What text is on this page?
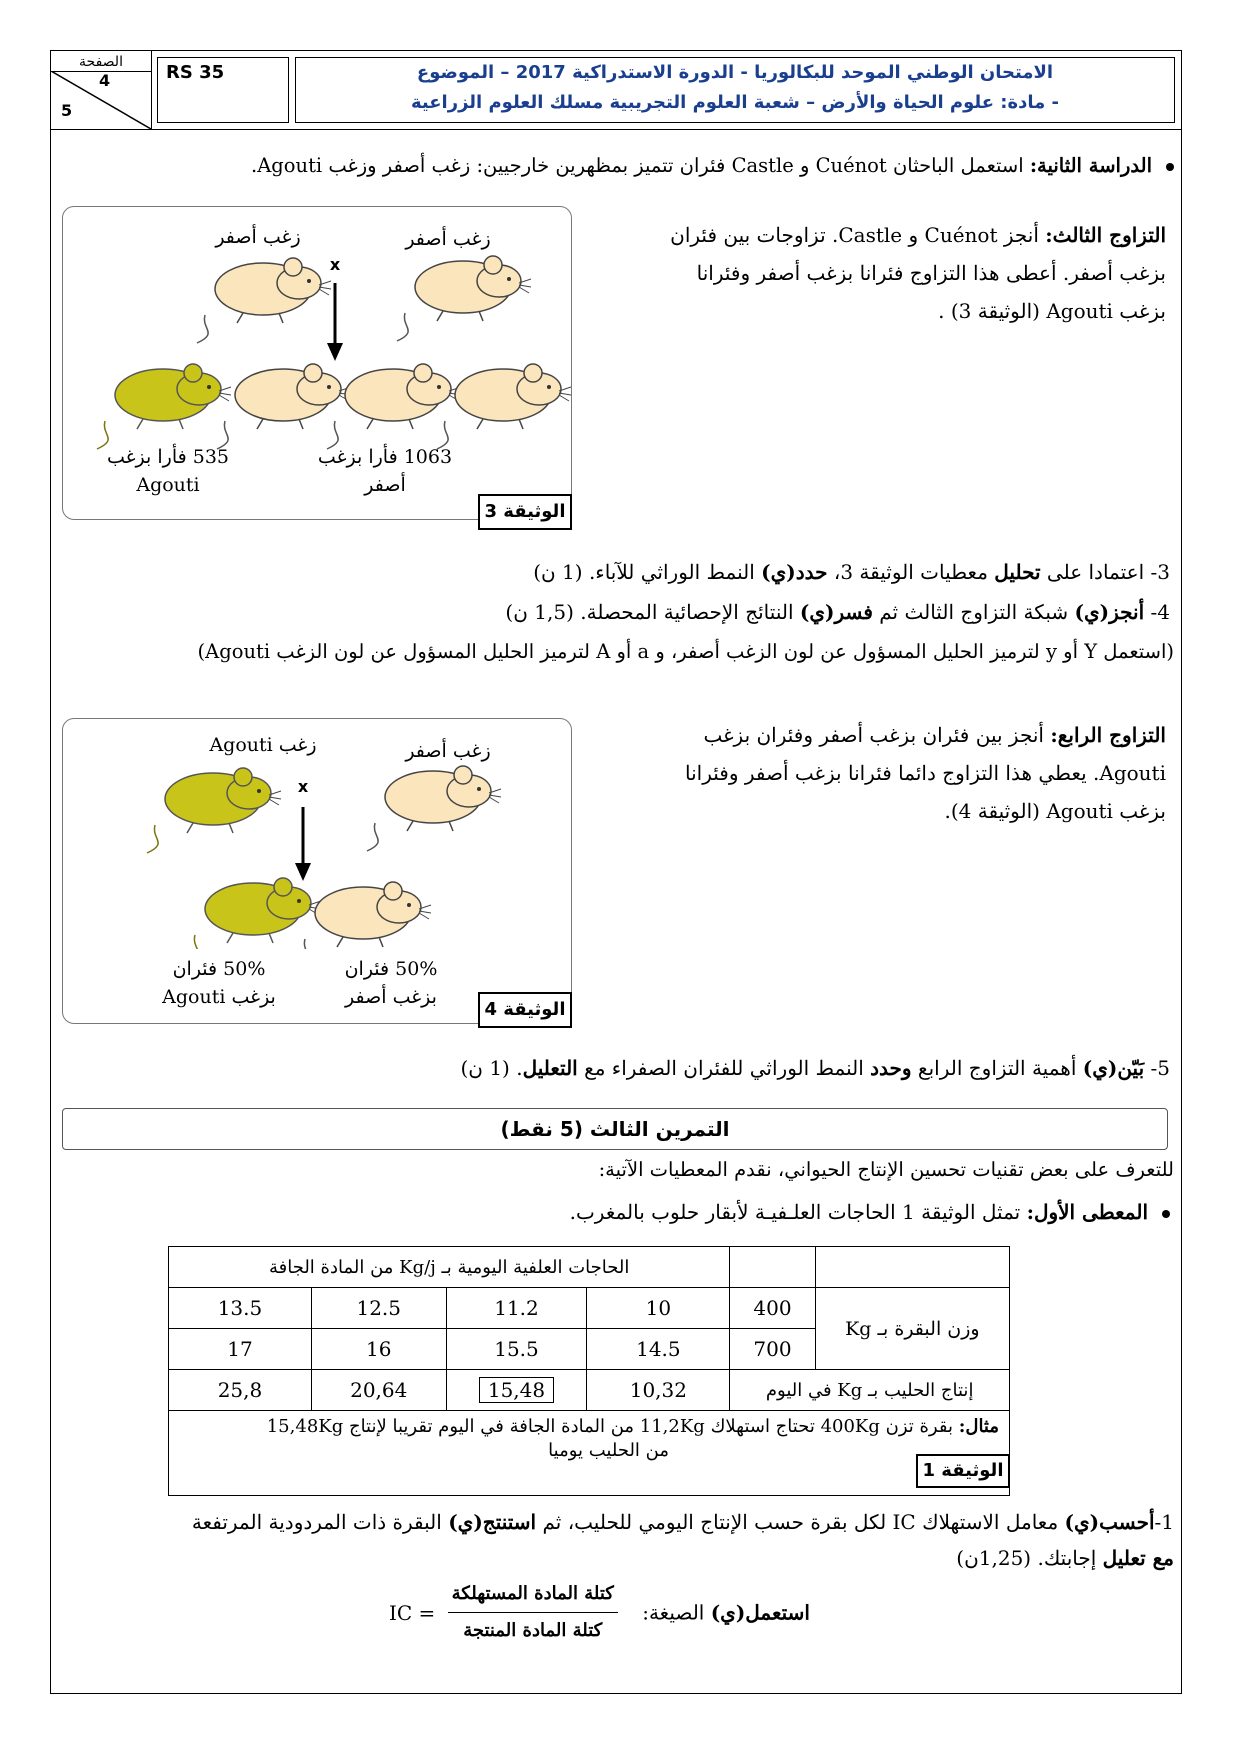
الصفحة
4
5
RS 35	الامتحان الوطني الموحد للبكالوريا - الدورة الاستدراكية 2017 – الموضوع
- مادة: علوم الحياة والأرض – شعبة العلوم التجريبية مسلك العلوم الزراعية
الدراسة الثانية: استعمل الباحثان Cuénot و Castle فئران تتميز بمظهرين خارجيين: زغب أصفر وزغب Agouti.
التزاوج الثالث: أنجز Cuénot و Castle. تزاوجات بين فئران
بزغب أصفر. أعطى هذا التزاوج فئرانا بزغب أصفر وفئرانا
بزغب Agouti (الوثيقة 3) .
زغب أصفر	زغب أصفر
x
535 فأرا بزغب
Agouti
1063 فأرا بزغب
أصفر
الوثيقة 3
3- اعتمادا على تحليل معطيات الوثيقة 3، حدد(ي) النمط الوراثي للآباء. (1 ن)
4- أنجز(ي) شبكة التزاوج الثالث ثم فسر(ي) النتائج الإحصائية المحصلة. (1,5 ن)
(استعمل Y أو y لترميز الحليل المسؤول عن لون الزغب أصفر، و a أو A لترميز الحليل المسؤول عن لون الزغب Agouti)
التزاوج الرابع: أنجز بين فئران بزغب أصفر وفئران بزغب
Agouti. يعطي هذا التزاوج دائما فئرانا بزغب أصفر وفئرانا
بزغب Agouti (الوثيقة 4).
زغب Agouti	زغب أصفر
x
50% فئران
بزغب Agouti
50% فئران
بزغب أصفر
الوثيقة 4
5- بَيّن(ي) أهمية التزاوج الرابع وحدد النمط الوراثي للفئران الصفراء مع التعليل. (1 ن)
التمرين الثالث (5 نقط)
للتعرف على بعض تقنيات تحسين الإنتاج الحيواني، نقدم المعطيات الآتية:
المعطى الأول: تمثل الوثيقة 1 الحاجات العلـفيـة لأبقار حلوب بالمغرب.
الحاجات العلفية اليومية بـ Kg/j من المادة الجافة					
13.5	12.5	11.2	10	400	وزن البقرة بـ Kg
17	16	15.5	14.5	700	
25,8	20,64	15,48	10,32	إنتاج الحليب بـ Kg في اليوم	

مثال: بقرة تزن 400Kg تحتاج استهلاك 11,2Kg من المادة الجافة في اليوم تقريبا لإنتاج 15,48Kg
من الحليب يوميا					
الوثيقة 1
1-أحسب(ي) معامل الاستهلاك IC لكل بقرة حسب الإنتاج اليومي للحليب، ثم استنتج(ي) البقرة ذات المردودية المرتفعة
مع تعليل إجابتك. (1,25ن)
استعمل(ي) الصيغة:
$\frac{\text{كتلة المادة المستهلكة}}{\text{كتلة المادة المنتجة}}$
IC =
